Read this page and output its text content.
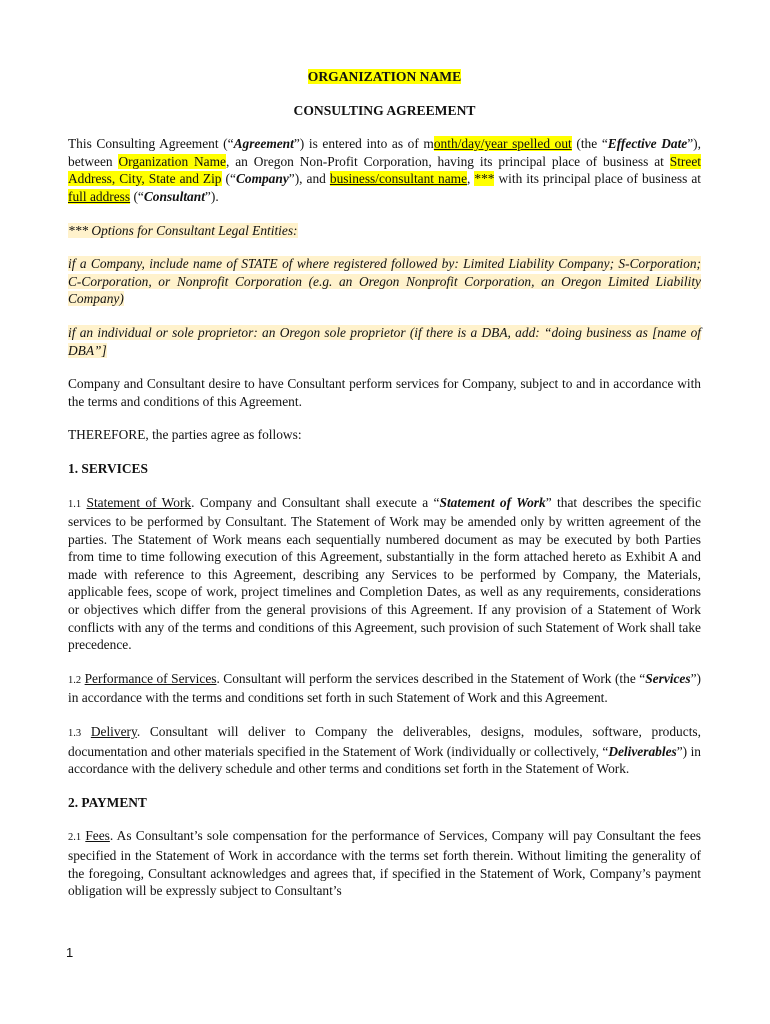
ORGANIZATION NAME
CONSULTING AGREEMENT

This Consulting Agreement (“Agreement”) is entered into as of month/day/year spelled out (the “Effective Date”), between Organization Name, an Oregon Non-Profit Corporation, having its principal place of business at Street Address, City, State and Zip (“Company”), and business/consultant name, *** with its principal place of business at full address (“Consultant”).

*** Options for Consultant Legal Entities:

if a Company, include name of STATE of where registered followed by: Limited Liability Company; S-Corporation; C-Corporation, or Nonprofit Corporation (e.g. an Oregon Nonprofit Corporation, an Oregon Limited Liability Company)

if an individual or sole proprietor: an Oregon sole proprietor (if there is a DBA, add: “doing business as [name of DBA”]

Company and Consultant desire to have Consultant perform services for Company, subject to and in accordance with the terms and conditions of this Agreement.

THEREFORE, the parties agree as follows:

1. SERVICES

1.1 Statement of Work. Company and Consultant shall execute a “Statement of Work” that describes the specific services to be performed by Consultant. The Statement of Work may be amended only by written agreement of the parties. The Statement of Work means each sequentially numbered document as may be executed by both Parties from time to time following execution of this Agreement, substantially in the form attached hereto as Exhibit A and made with reference to this Agreement, describing any Services to be performed by Company, the Materials, applicable fees, scope of work, project timelines and Completion Dates, as well as any requirements, considerations or objectives which differ from the general provisions of this Agreement. If any provision of a Statement of Work conflicts with any of the terms and conditions of this Agreement, such provision of such Statement of Work shall take precedence.

1.2 Performance of Services. Consultant will perform the services described in the Statement of Work (the “Services”) in accordance with the terms and conditions set forth in such Statement of Work and this Agreement.

1.3 Delivery. Consultant will deliver to Company the deliverables, designs, modules, software, products, documentation and other materials specified in the Statement of Work (individually or collectively, “Deliverables”) in accordance with the delivery schedule and other terms and conditions set forth in the Statement of Work.

2. PAYMENT

2.1 Fees. As Consultant’s sole compensation for the performance of Services, Company will pay Consultant the fees specified in the Statement of Work in accordance with the terms set forth therein. Without limiting the generality of the foregoing, Consultant acknowledges and agrees that, if specified in the Statement of Work, Company’s payment obligation will be expressly subject to Consultant’s

1
